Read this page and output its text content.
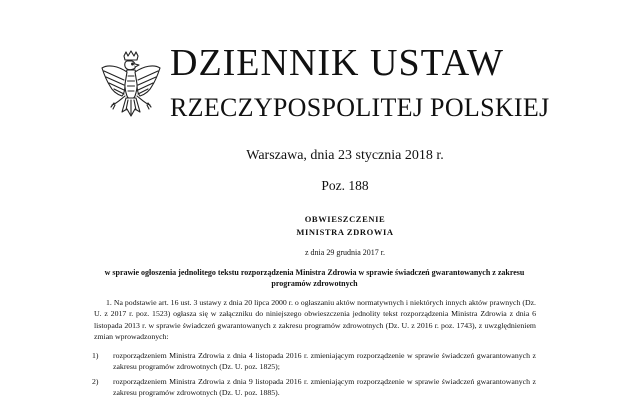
DZIENNIK USTAW
RZECZYPOSPOLITEJ POLSKIEJ
Warszawa, dnia 23 stycznia 2018 r.
Poz. 188
OBWIESZCZENIE
MINISTRA ZDROWIA
z dnia 29 grudnia 2017 r.
w sprawie ogłoszenia jednolitego tekstu rozporządzenia Ministra Zdrowia w sprawie świadczeń gwarantowanych z zakresu programów zdrowotnych
1. Na podstawie art. 16 ust. 3 ustawy z dnia 20 lipca 2000 r. o ogłaszaniu aktów normatywnych i niektórych innych aktów prawnych (Dz. U. z 2017 r. poz. 1523) ogłasza się w załączniku do niniejszego obwieszczenia jednolity tekst rozporządzenia Ministra Zdrowia z dnia 6 listopada 2013 r. w sprawie świadczeń gwarantowanych z zakresu programów zdrowotnych (Dz. U. z 2016 r. poz. 1743), z uwzględnieniem zmian wprowadzonych:
1) rozporządzeniem Ministra Zdrowia z dnia 4 listopada 2016 r. zmieniającym rozporządzenie w sprawie świadczeń gwarantowanych z zakresu programów zdrowotnych (Dz. U. poz. 1825);
2) rozporządzeniem Ministra Zdrowia z dnia 9 listopada 2016 r. zmieniającym rozporządzenie w sprawie świadczeń gwarantowanych z zakresu programów zdrowotnych (Dz. U. poz. 1885).
